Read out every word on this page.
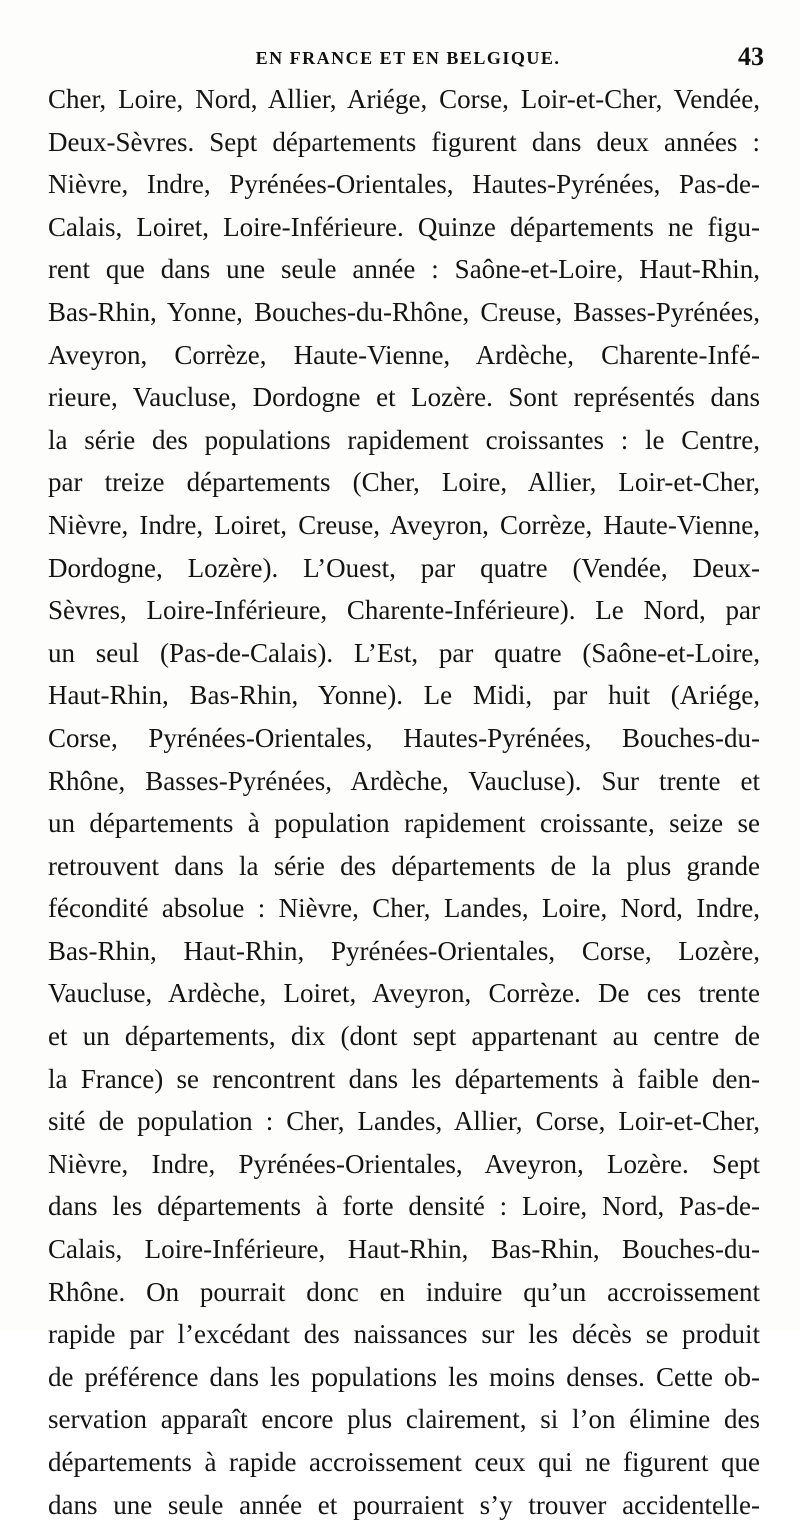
EN FRANCE ET EN BELGIQUE.	43
Cher, Loire, Nord, Allier, Ariége, Corse, Loir-et-Cher, Vendée,
Deux-Sèvres. Sept départements figurent dans deux années :
Nièvre, Indre, Pyrénées-Orientales, Hautes-Pyrénées, Pas-de-
Calais, Loiret, Loire-Inférieure. Quinze départements ne figu-
rent que dans une seule année : Saône-et-Loire, Haut-Rhin,
Bas-Rhin, Yonne, Bouches-du-Rhône, Creuse, Basses-Pyrénées,
Aveyron, Corrèze, Haute-Vienne, Ardèche, Charente-Infé-
rieure, Vaucluse, Dordogne et Lozère. Sont représentés dans
la série des populations rapidement croissantes : le Centre,
par treize départements (Cher, Loire, Allier, Loir-et-Cher,
Nièvre, Indre, Loiret, Creuse, Aveyron, Corrèze, Haute-Vienne,
Dordogne, Lozère). L’Ouest, par quatre (Vendée, Deux-
Sèvres, Loire-Inférieure, Charente-Inférieure). Le Nord, par
un seul (Pas-de-Calais). L’Est, par quatre (Saône-et-Loire,
Haut-Rhin, Bas-Rhin, Yonne). Le Midi, par huit (Ariége,
Corse, Pyrénées-Orientales, Hautes-Pyrénées, Bouches-du-
Rhône, Basses-Pyrénées, Ardèche, Vaucluse). Sur trente et
un départements à population rapidement croissante, seize se
retrouvent dans la série des départements de la plus grande
fécondité absolue : Nièvre, Cher, Landes, Loire, Nord, Indre,
Bas-Rhin, Haut-Rhin, Pyrénées-Orientales, Corse, Lozère,
Vaucluse, Ardèche, Loiret, Aveyron, Corrèze. De ces trente
et un départements, dix (dont sept appartenant au centre de
la France) se rencontrent dans les départements à faible den-
sité de population : Cher, Landes, Allier, Corse, Loir-et-Cher,
Nièvre, Indre, Pyrénées-Orientales, Aveyron, Lozère. Sept
dans les départements à forte densité : Loire, Nord, Pas-de-
Calais, Loire-Inférieure, Haut-Rhin, Bas-Rhin, Bouches-du-
Rhône. On pourrait donc en induire qu’un accroissement
rapide par l’excédant des naissances sur les décès se produit
de préférence dans les populations les moins denses. Cette ob-
servation apparaît encore plus clairement, si l’on élimine des
départements à rapide accroissement ceux qui ne figurent que
dans une seule année et pourraient s’y trouver accidentelle-
